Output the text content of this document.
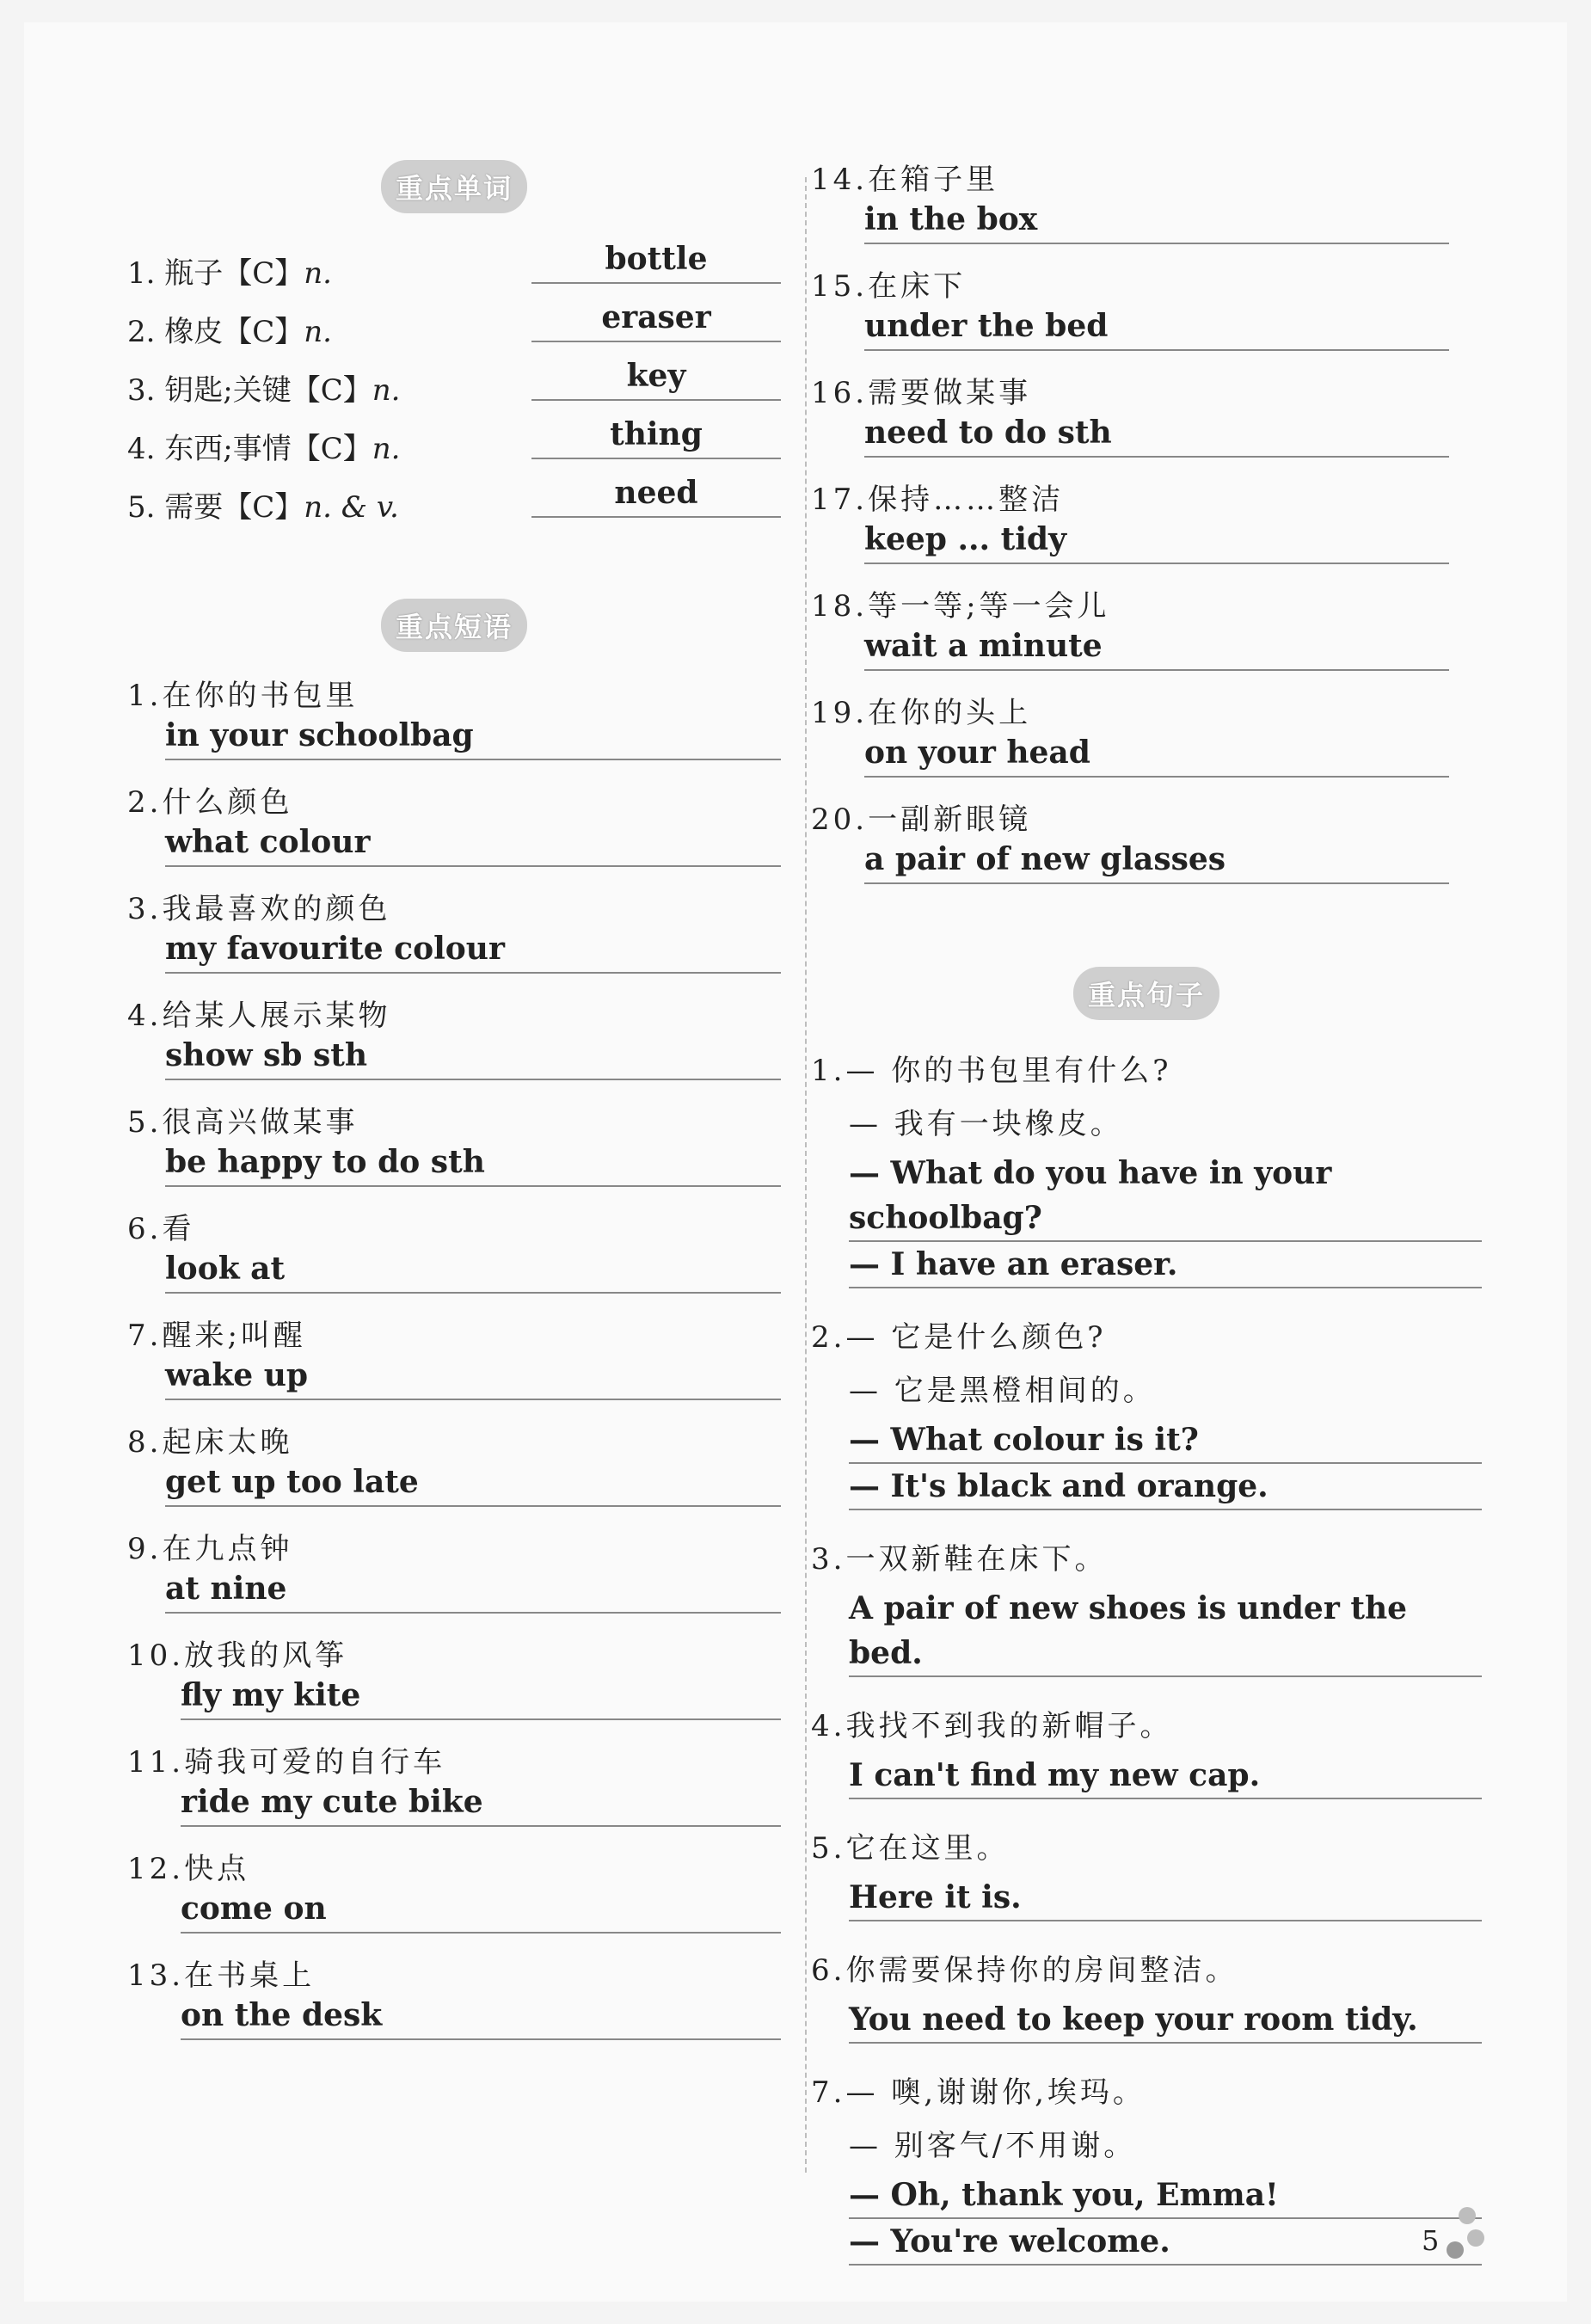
重点单词
1. 瓶子【C】n.	bottle
2. 橡皮【C】n.	eraser
3. 钥匙;关键【C】n.	key
4. 东西;事情【C】n.	thing
5. 需要【C】n. & v.	need
重点短语
1.在你的书包里
in your schoolbag
2.什么颜色
what colour
3.我最喜欢的颜色
my favourite colour
4.给某人展示某物
show sb sth
5.很高兴做某事
be happy to do sth
6.看
look at
7.醒来;叫醒
wake up
8.起床太晚
get up too late
9.在九点钟
at nine
10.放我的风筝
fly my kite
11.骑我可爱的自行车
ride my cute bike
12.快点
come on
13.在书桌上
on the desk
14.在箱子里
in the box
15.在床下
under the bed
16.需要做某事
need to do sth
17.保持……整洁
keep ... tidy
18.等一等;等一会儿
wait a minute
19.在你的头上
on your head
20.一副新眼镜
a pair of new glasses
重点句子
1.— 你的书包里有什么?
— 我有一块橡皮。
— What do you have in your schoolbag?
— I have an eraser.
2.— 它是什么颜色?
— 它是黑橙相间的。
— What colour is it?
— It's black and orange.
3.一双新鞋在床下。
A pair of new shoes is under the bed.
4.我找不到我的新帽子。
I can't find my new cap.
5.它在这里。
Here it is.
6.你需要保持你的房间整洁。
You need to keep your room tidy.
7.— 噢,谢谢你,埃玛。
— 别客气/不用谢。
— Oh, thank you, Emma!
— You're welcome.	5
